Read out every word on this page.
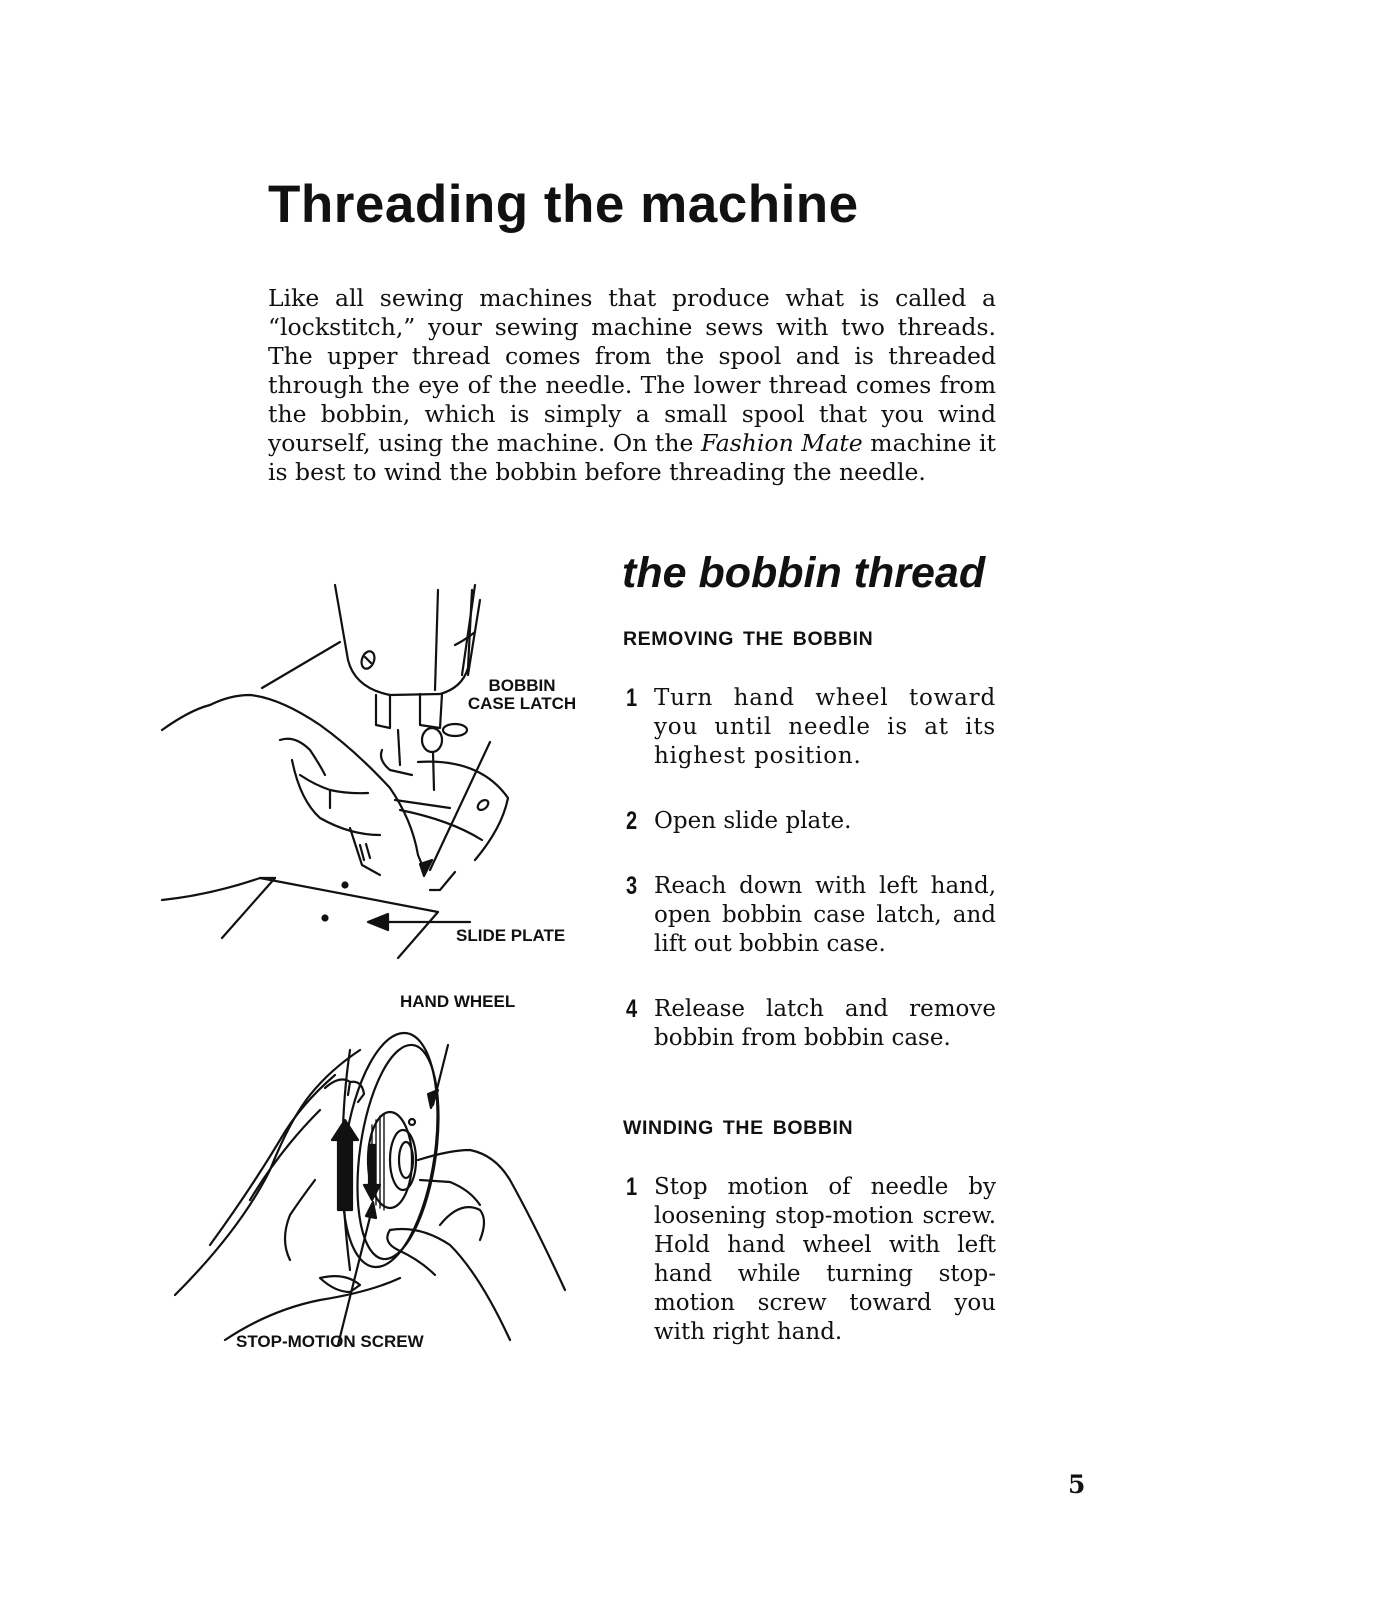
Threading the machine

Like all sewing machines that produce what is called a “lockstitch,” your sewing machine sews with two threads. The upper thread comes from the spool and is threaded through the eye of the needle. The lower thread comes from the bobbin, which is simply a small spool that you wind yourself, using the machine. On the Fashion Mate machine it is best to wind the bobbin before threading the needle.

BOBBIN
CASE LATCH
SLIDE PLATE
HAND WHEEL
STOP-MOTION SCREW
the bobbin thread
REMOVING THE BOBBIN
1 Turn hand wheel toward you until needle is at its highest position.
2 Open slide plate.
3 Reach down with left hand, open bobbin case latch, and lift out bobbin case.
4 Release latch and remove bobbin from bobbin case.
WINDING THE BOBBIN
1 Stop motion of needle by loosening stop-motion screw. Hold hand wheel with left hand while turning stop-motion screw toward you with right hand.
5
